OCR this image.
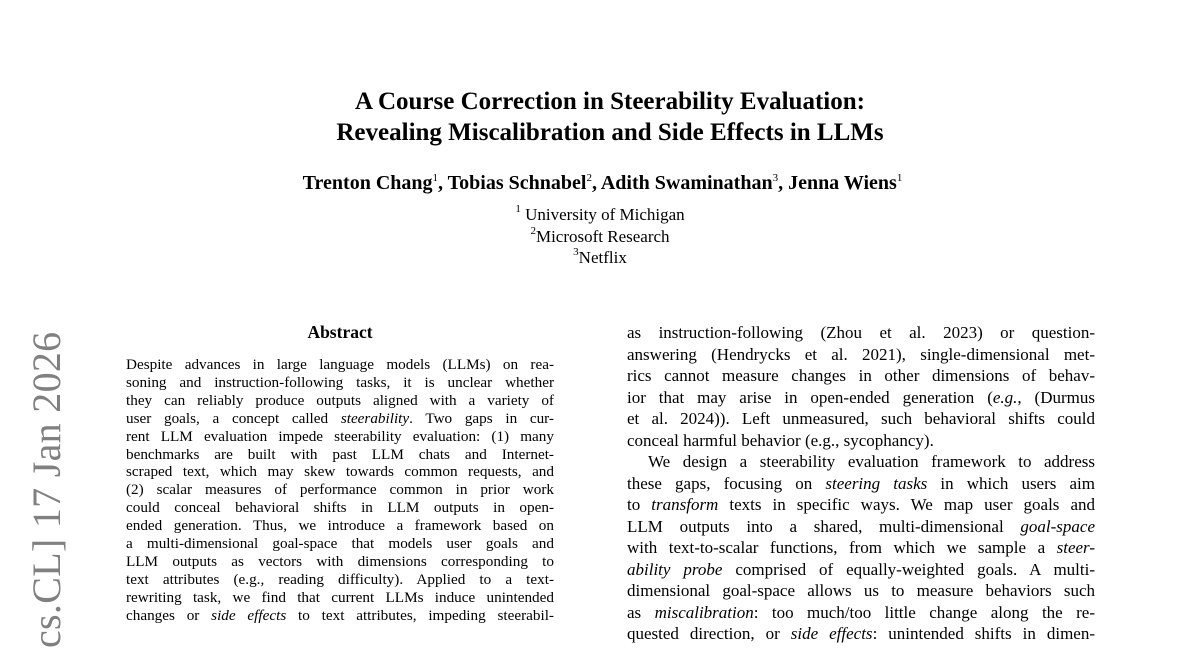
cs.CL] 17 Jan 2026
A Course Correction in Steerability Evaluation:
Revealing Miscalibration and Side Effects in LLMs

Trenton Chang$^1$, Tobias Schnabel$^2$, Adith Swaminathan$^3$, Jenna Wiens$^1$

$^1$ University of Michigan
$^2$Microsoft Research
$^3$Netflix
Abstract
Despite advances in large language models (LLMs) on rea-
soning and instruction-following tasks, it is unclear whether
they can reliably produce outputs aligned with a variety of
user goals, a concept called steerability. Two gaps in cur-
rent LLM evaluation impede steerability evaluation: (1) many
benchmarks are built with past LLM chats and Internet-
scraped text, which may skew towards common requests, and
(2) scalar measures of performance common in prior work
could conceal behavioral shifts in LLM outputs in open-
ended generation. Thus, we introduce a framework based on
a multi-dimensional goal-space that models user goals and
LLM outputs as vectors with dimensions corresponding to
text attributes (e.g., reading difficulty). Applied to a text-
rewriting task, we find that current LLMs induce unintended
changes or side effects to text attributes, impeding steerabil-
as instruction-following (Zhou et al. 2023) or question-
answering (Hendrycks et al. 2021), single-dimensional met-
rics cannot measure changes in other dimensions of behav-
ior that may arise in open-ended generation (e.g., (Durmus
et al. 2024)). Left unmeasured, such behavioral shifts could
conceal harmful behavior (e.g., sycophancy).
We design a steerability evaluation framework to address
these gaps, focusing on steering tasks in which users aim
to transform texts in specific ways. We map user goals and
LLM outputs into a shared, multi-dimensional goal-space
with text-to-scalar functions, from which we sample a steer-
ability probe comprised of equally-weighted goals. A multi-
dimensional goal-space allows us to measure behaviors such
as miscalibration: too much/too little change along the re-
quested direction, or side effects: unintended shifts in dimen-
